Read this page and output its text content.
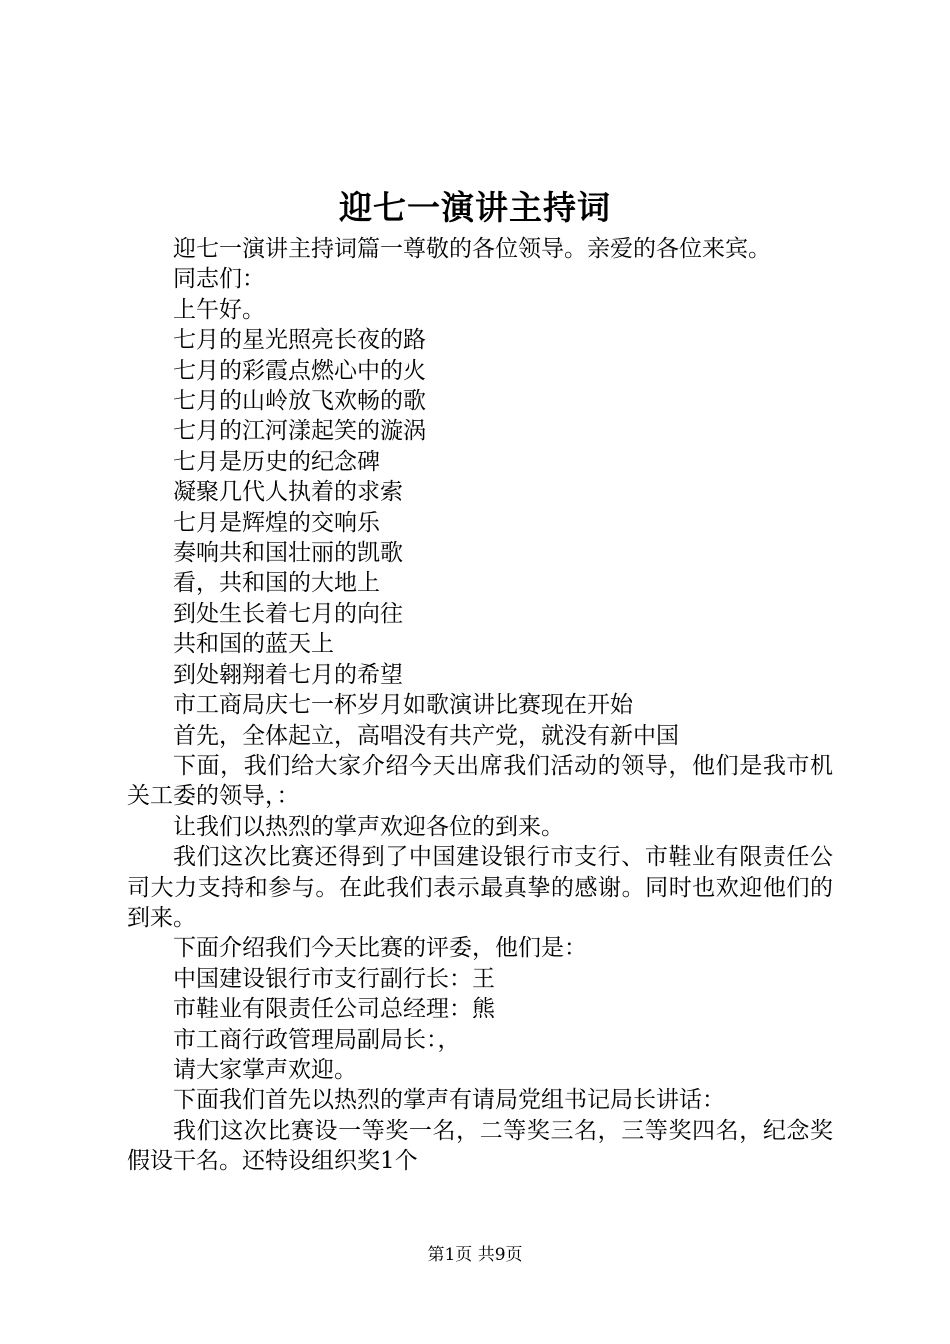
迎七一演讲主持词

迎七一演讲主持词篇一尊敬的各位领导。亲爱的各位来宾。

同志们：

上午好。

七月的星光照亮长夜的路

七月的彩霞点燃心中的火

七月的山岭放飞欢畅的歌

七月的江河漾起笑的漩涡

七月是历史的纪念碑

凝聚几代人执着的求索

七月是辉煌的交响乐

奏响共和国壮丽的凯歌

看，共和国的大地上

到处生长着七月的向往

共和国的蓝天上

到处翱翔着七月的希望

市工商局庆七一杯岁月如歌演讲比赛现在开始

首先，全体起立，高唱没有共产党，就没有新中国

下面，我们给大家介绍今天出席我们活动的领导，他们是我市机关工委的领导，：

让我们以热烈的掌声欢迎各位的到来。

我们这次比赛还得到了中国建设银行市支行、市鞋业有限责任公司大力支持和参与。在此我们表示最真挚的感谢。同时也欢迎他们的到来。

下面介绍我们今天比赛的评委，他们是：

中国建设银行市支行副行长：王

市鞋业有限责任公司总经理：熊

市工商行政管理局副局长：，

请大家掌声欢迎。

下面我们首先以热烈的掌声有请局党组书记局长讲话：

我们这次比赛设一等奖一名，二等奖三名，三等奖四名，纪念奖假设干名。还特设组织奖1个

第1页 共9页
